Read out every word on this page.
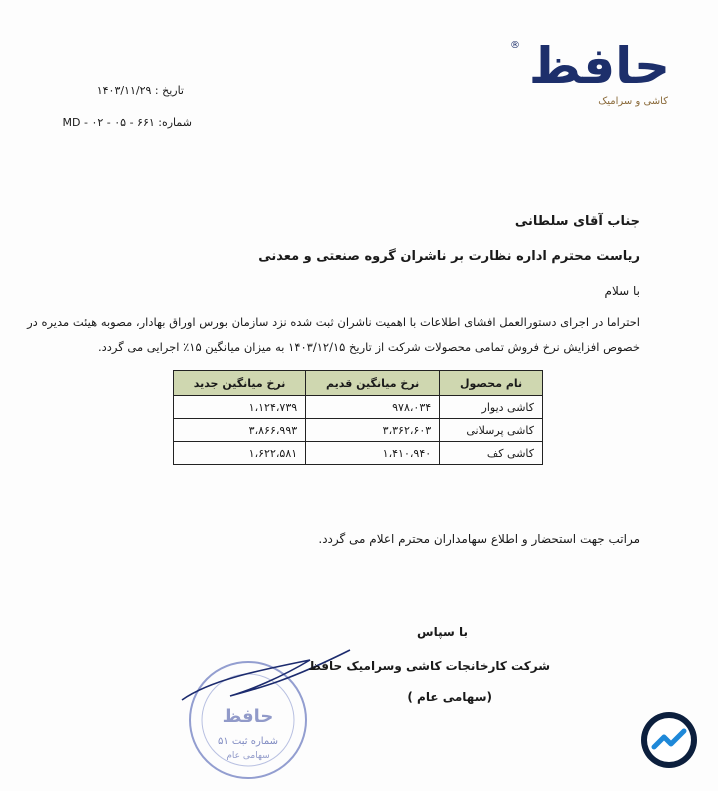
® حافظ
کاشی و سرامیک
تاریخ : ۱۴۰۳/۱۱/۲۹
شماره: ۶۶۱ - ۰۵ - ۰۲ - MD
جناب آقای سلطانی
ریاست محترم اداره نظارت بر ناشران گروه صنعتی و معدنی
با سلام
احتراما در اجرای دستورالعمل افشای اطلاعات با اهمیت ناشران ثبت شده نزد سازمان بورس اوراق بهادار، مصوبه هیئت مدیره در
خصوص افزایش نرخ فروش تمامی محصولات شرکت از تاریخ ۱۴۰۳/۱۲/۱۵ به میزان میانگین ۱۵٪ اجرایی می گردد.
نام محصول	نرخ میانگین قدیم	نرخ میانگین جدید
کاشی دیوار	۹۷۸،۰۳۴	۱،۱۲۴،۷۳۹
کاشی پرسلانی	۳،۳۶۲،۶۰۳	۳،۸۶۶،۹۹۳
کاشی کف	۱،۴۱۰،۹۴۰	۱،۶۲۲،۵۸۱
مراتب جهت استحضار و اطلاع سهامداران محترم اعلام می گردد.
حافظ
شماره ثبت ۵۱
سهامی عام
با سپاس
شرکت کارخانجات کاشی وسرامیک حافظ
(سهامی عام )
